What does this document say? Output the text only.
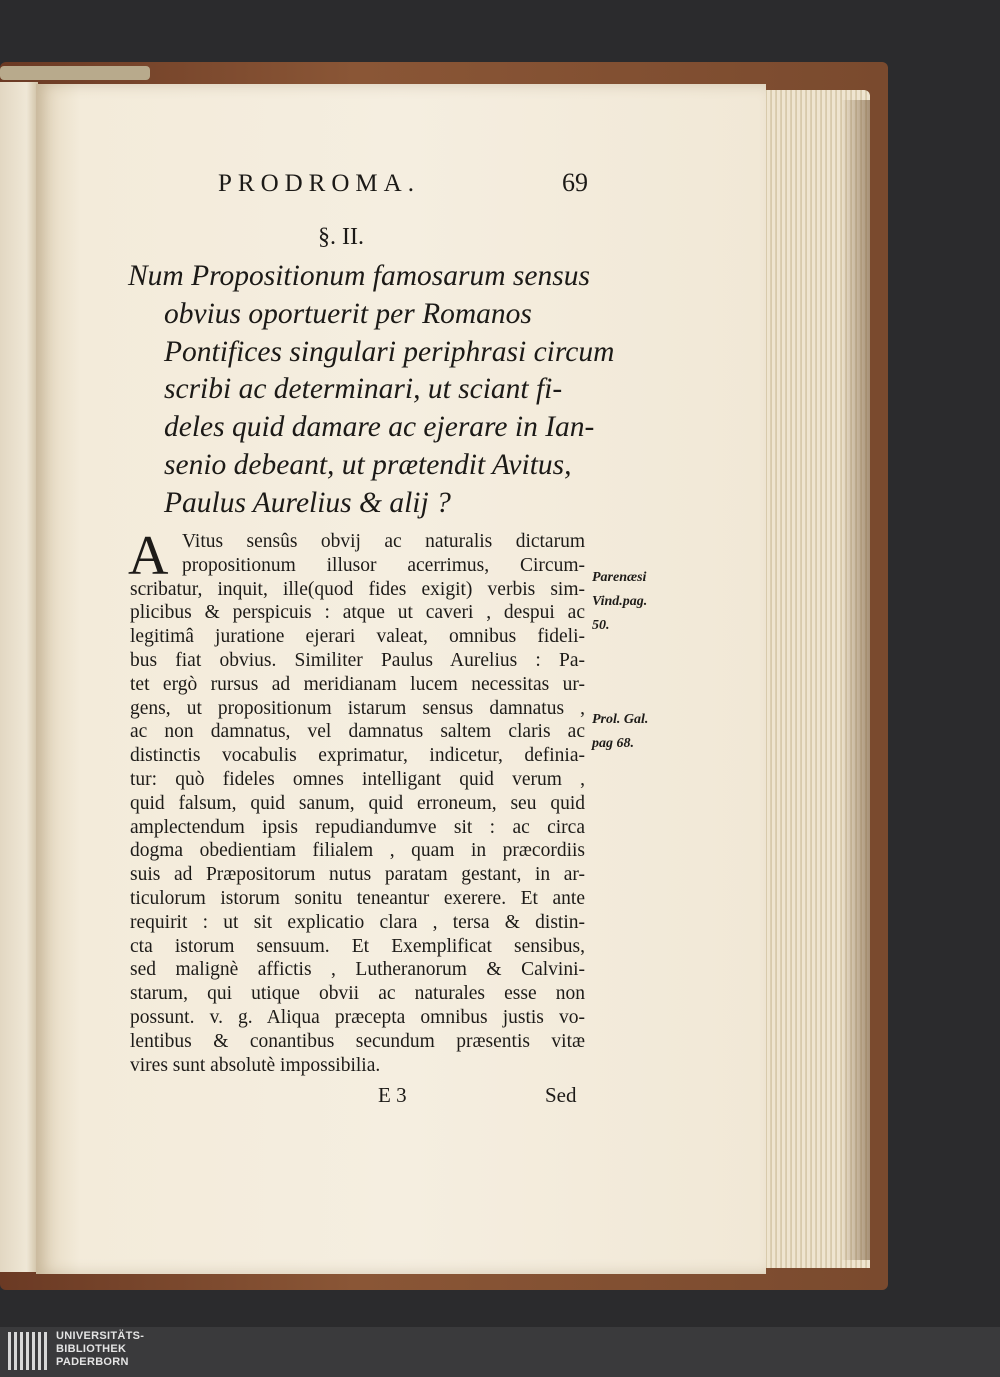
PRODROMA.	69
§. II.
Num Propositionum famosarum sensus
obvius oportuerit per Romanos
Pontifices singulari periphrasi circum
scribi ac determinari, ut sciant fi-
deles quid damare ac ejerare in Ian-
senio debeant, ut prætendit Avitus,
Paulus Aurelius & alij ?
A Vitus sensûs obvij ac naturalis dictarum
propositionum illusor acerrimus, Circum-
scribatur, inquit, ille(quod fides exigit) verbis sim-
plicibus & perspicuis : atque ut caveri , despui ac
legitimâ juratione ejerari valeat, omnibus fideli-
bus fiat obvius. Similiter Paulus Aurelius : Pa-
tet ergò rursus ad meridianam lucem necessitas ur-
gens, ut propositionum istarum sensus damnatus ,
ac non damnatus, vel damnatus saltem claris ac
distinctis vocabulis exprimatur, indicetur, definia-
tur: quò fideles omnes intelligant quid verum ,
quid falsum, quid sanum, quid erroneum, seu quid
amplectendum ipsis repudiandumve sit : ac circa
dogma obedientiam filialem , quam in præcordiis
suis ad Præpositorum nutus paratam gestant, in ar-
ticulorum istorum sonitu teneantur exerere. Et ante
requirit : ut sit explicatio clara , tersa & distin-
cta istorum sensuum. Et Exemplificat sensibus,
sed malignè affictis , Lutheranorum & Calvini-
starum, qui utique obvii ac naturales esse non
possunt. v. g. Aliqua præcepta omnibus justis vo-
lentibus & conantibus secundum præsentis vitæ
vires sunt absolutè impossibilia.
Parenæsi
Vind.pag.
50.
Prol. Gal.
pag 68.
E 3	Sed
UNIVERSITÄTS-
BIBLIOTHEK
PADERBORN
